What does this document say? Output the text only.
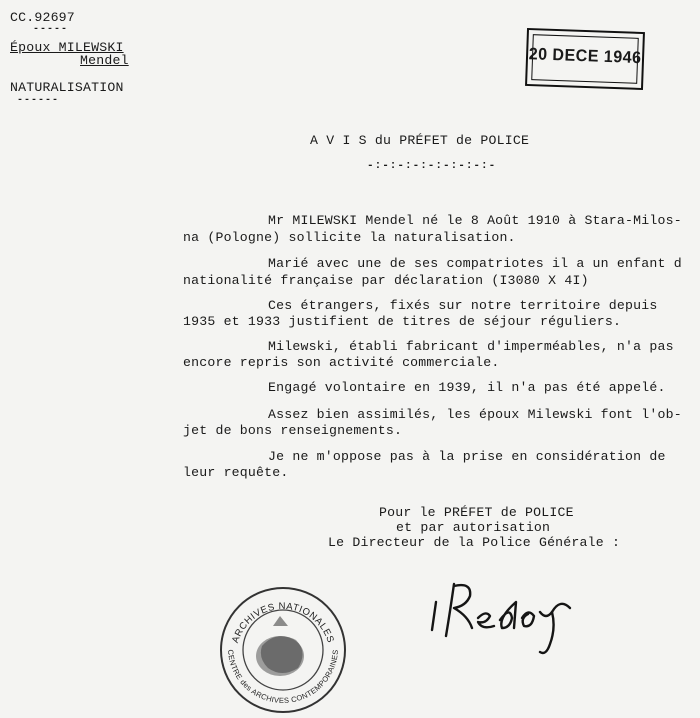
CC.92697
-----
Époux MILEWSKI
Mendel
NATURALISATION
------
20 DECE 1946
A V I S du PRÉFET de POLICE
-:-:-:-:-:-:-:-:-
Mr MILEWSKI Mendel né le 8 Août 1910 à Stara-Milos-
na (Pologne) sollicite la naturalisation.
Marié avec une de ses compatriotes il a un enfant d
nationalité française par déclaration (I3080 X 4I)
Ces étrangers, fixés sur notre territoire depuis
1935 et 1933 justifient de titres de séjour réguliers.
Milewski, établi fabricant d'imperméables, n'a pas
encore repris son activité commerciale.
Engagé volontaire en 1939, il n'a pas été appelé.
Assez bien assimilés, les époux Milewski font l'ob-
jet de bons renseignements.
Je ne m'oppose pas à la prise en considération de
leur requête.
Pour le PRÉFET de POLICE
et par autorisation
Le Directeur de la Police Générale :
ARCHIVES NATIONALES
CENTRE des ARCHIVES CONTEMPORAINES
